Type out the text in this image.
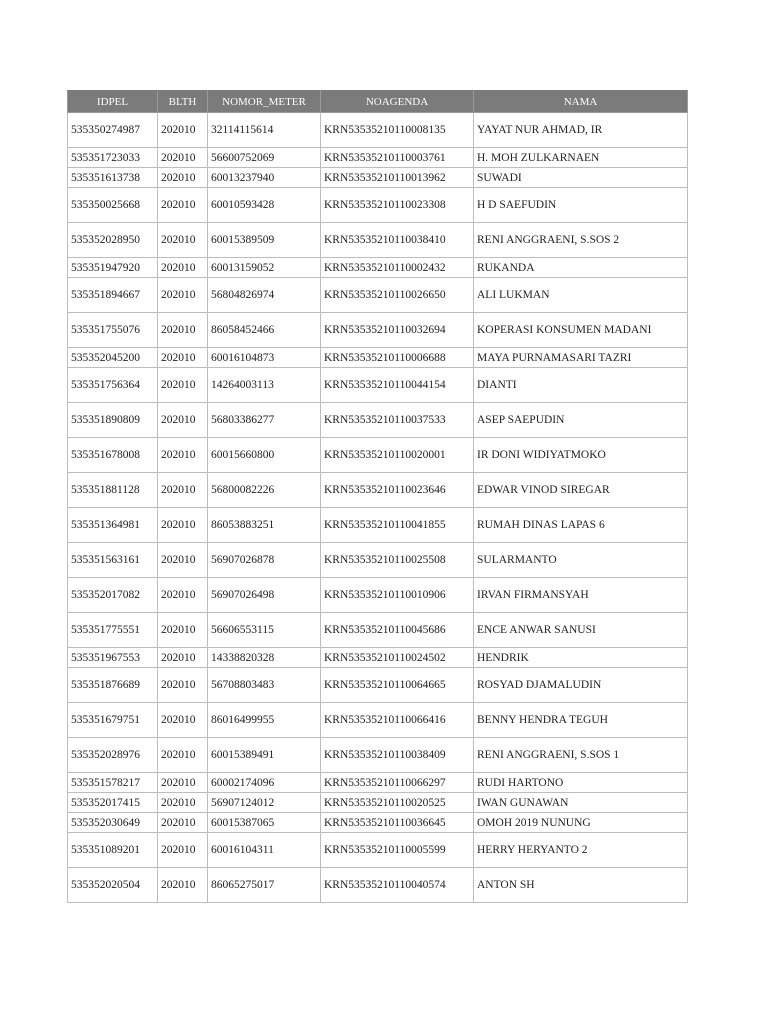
IDPEL	BLTH	NOMOR_METER	NOAGENDA	NAMA
535350274987	202010	32114115614	KRN53535210110008135	YAYAT NUR AHMAD, IR
535351723033	202010	56600752069	KRN53535210110003761	H. MOH ZULKARNAEN
535351613738	202010	60013237940	KRN53535210110013962	SUWADI
535350025668	202010	60010593428	KRN53535210110023308	H D SAEFUDIN
535352028950	202010	60015389509	KRN53535210110038410	RENI ANGGRAENI, S.SOS 2
535351947920	202010	60013159052	KRN53535210110002432	RUKANDA
535351894667	202010	56804826974	KRN53535210110026650	ALI LUKMAN
535351755076	202010	86058452466	KRN53535210110032694	KOPERASI KONSUMEN MADANI
535352045200	202010	60016104873	KRN53535210110006688	MAYA PURNAMASARI TAZRI
535351756364	202010	14264003113	KRN53535210110044154	DIANTI
535351890809	202010	56803386277	KRN53535210110037533	ASEP SAEPUDIN
535351678008	202010	60015660800	KRN53535210110020001	IR DONI WIDIYATMOKO
535351881128	202010	56800082226	KRN53535210110023646	EDWAR VINOD SIREGAR
535351364981	202010	86053883251	KRN53535210110041855	RUMAH DINAS LAPAS 6
535351563161	202010	56907026878	KRN53535210110025508	SULARMANTO
535352017082	202010	56907026498	KRN53535210110010906	IRVAN FIRMANSYAH
535351775551	202010	56606553115	KRN53535210110045686	ENCE ANWAR SANUSI
535351967553	202010	14338820328	KRN53535210110024502	HENDRIK
535351876689	202010	56708803483	KRN53535210110064665	ROSYAD DJAMALUDIN
535351679751	202010	86016499955	KRN53535210110066416	BENNY HENDRA TEGUH
535352028976	202010	60015389491	KRN53535210110038409	RENI ANGGRAENI, S.SOS 1
535351578217	202010	60002174096	KRN53535210110066297	RUDI HARTONO
535352017415	202010	56907124012	KRN53535210110020525	IWAN GUNAWAN
535352030649	202010	60015387065	KRN53535210110036645	OMOH 2019 NUNUNG
535351089201	202010	60016104311	KRN53535210110005599	HERRY HERYANTO 2
535352020504	202010	86065275017	KRN53535210110040574	ANTON SH
